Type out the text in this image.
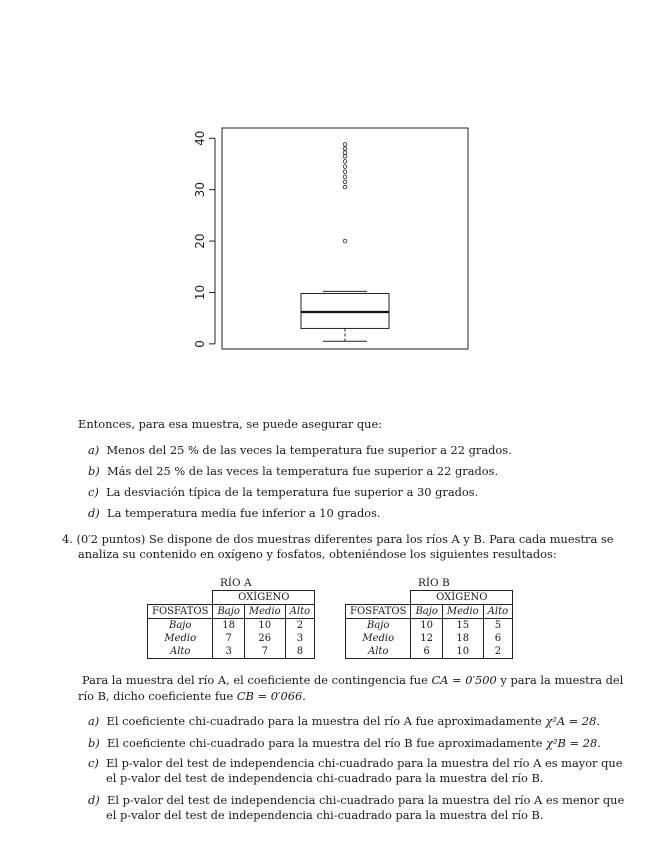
0
10
20
30
40
Entonces, para esa muestra, se puede asegurar que:
a) Menos del 25 % de las veces la temperatura fue superior a 22 grados.
b) Más del 25 % de las veces la temperatura fue superior a 22 grados.
c) La desviación típica de la temperatura fue superior a 30 grados.
d) La temperatura media fue inferior a 10 grados.
4. (0′2 puntos) Se dispone de dos muestras diferentes para los ríos A y B. Para cada muestra se
analiza su contenido en oxígeno y fosfatos, obteniéndose los siguientes resultados:
RÍO A
	OXÍGENO		
FOSFATOS	Bajo	Medio	Alto
Bajo	18	10	2
Medio	7	26	3
Alto	3	7	8
RÍO B
	OXÍGENO		
FOSFATOS	Bajo	Medio	Alto
Bajo	10	15	5
Medio	12	18	6
Alto	6	10	2
Para la muestra del río A, el coeficiente de contingencia fue CA = 0′500 y para la muestra del
río B, dicho coeficiente fue CB = 0′066.
a) El coeficiente chi-cuadrado para la muestra del río A fue aproximadamente χ²A = 28.
b) El coeficiente chi-cuadrado para la muestra del río B fue aproximadamente χ²B = 28.
c) El p-valor del test de independencia chi-cuadrado para la muestra del río A es mayor que
el p-valor del test de independencia chi-cuadrado para la muestra del río B.
d) El p-valor del test de independencia chi-cuadrado para la muestra del río A es menor que
el p-valor del test de independencia chi-cuadrado para la muestra del río B.
